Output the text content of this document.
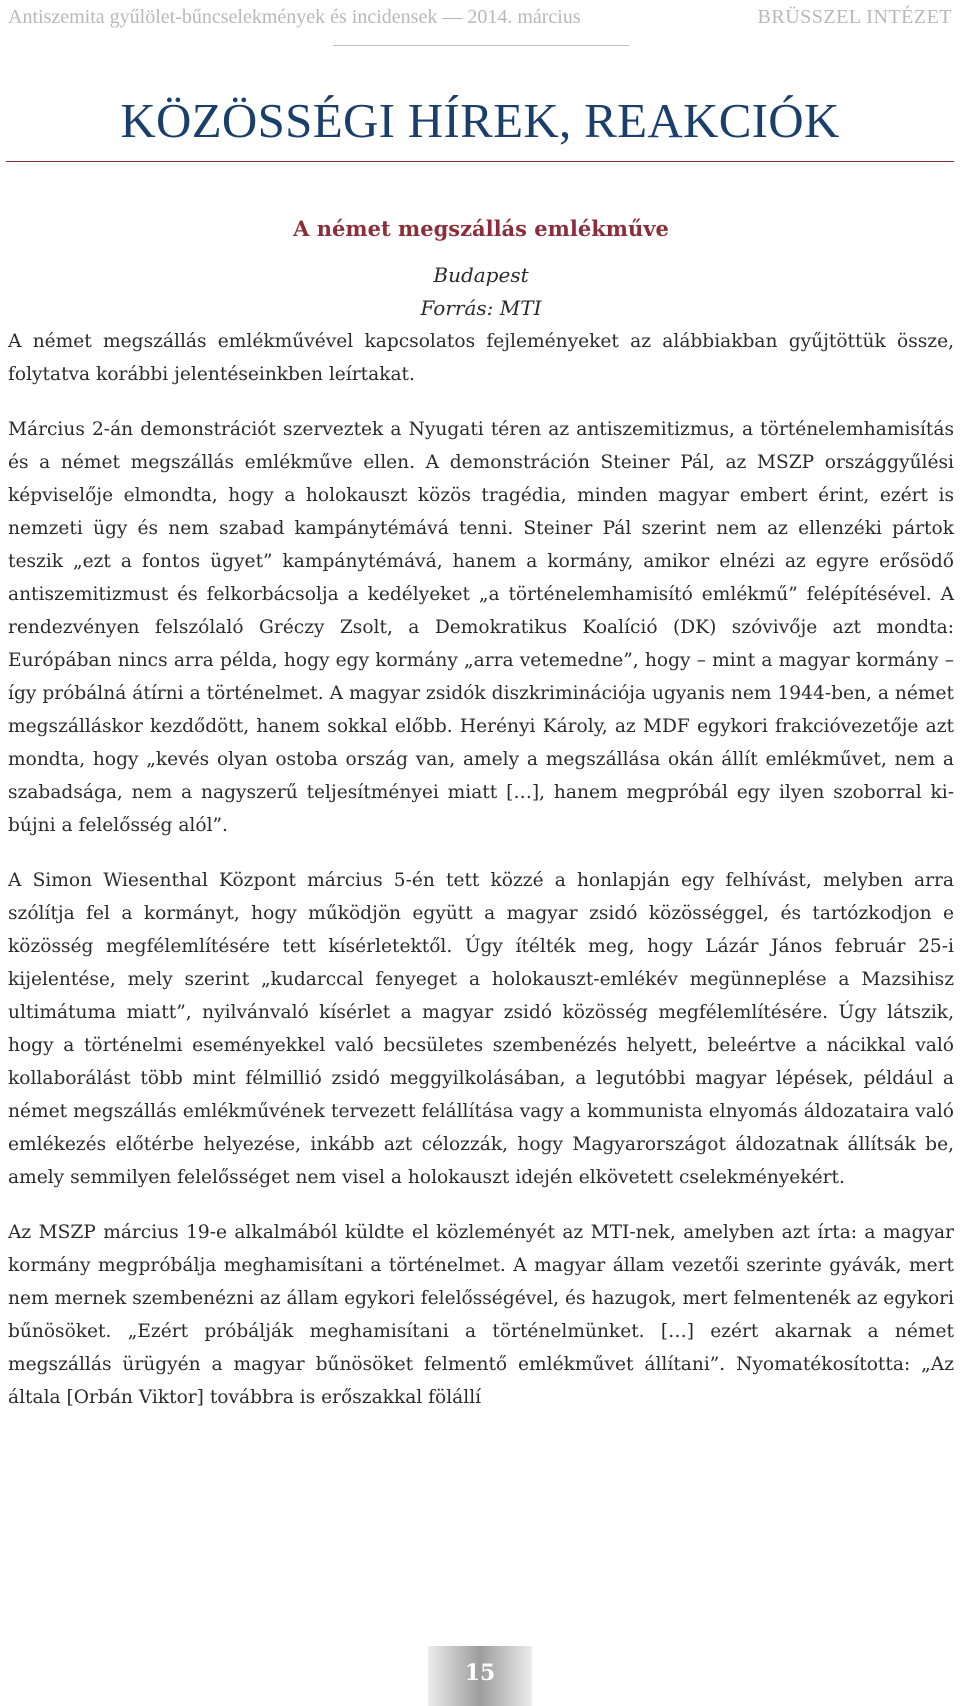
Antiszemita gyűlölet-bűncselekmények és incidensek — 2014. március	BRÜSSZEL INTÉZET
KÖZÖSSÉGI HÍREK, REAKCIÓK
A német megszállás emlékműve

Budapest

Forrás: MTI

A német megszállás emlékművével kapcsolatos fejleményeket az alábbiakban gyűjtöttük össze, folytatva korábbi jelentéseinkben leírtakat.

Március 2-án demonstrációt szerveztek a Nyugati téren az antiszemitizmus, a történelemhamisítás és a német megszállás emlékműve ellen. A demonstráción Steiner Pál, az MSZP országgyűlési képviselője elmondta, hogy a holokauszt közös tragédia, minden magyar embert érint, ezért is nemzeti ügy és nem szabad kampánytémává tenni. Steiner Pál szerint nem az ellenzéki pártok teszik „ezt a fontos ügyet” kampánytémává, hanem a kormány, amikor elnézi az egyre erősödő antiszemitizmust és felkorbácsolja a kedélyeket „a történelemhamisító emlékmű” felépítésével. A rendezvényen felszólaló Gréczy Zsolt, a Demokratikus Koalíció (DK) szóvivője azt mondta: Európában nincs arra példa, hogy egy kormány „arra vetemedne”, hogy – mint a magyar kormány – így próbálná átírni a történelmet. A magyar zsidók diszkriminációja ugyanis nem 1944-ben, a német megszálláskor kezdődött, hanem sokkal előbb. Herényi Károly, az MDF egykori frakcióvezetője azt mondta, hogy „kevés olyan ostoba ország van, amely a megszállása okán állít emlékművet, nem a szabadsága, nem a nagyszerű teljesítményei miatt […], hanem megpróbál egy ilyen szoborral kibújni a felelősség alól”.

A Simon Wiesenthal Központ március 5-én tett közzé a honlapján egy felhívást, melyben arra szólítja fel a kormányt, hogy működjön együtt a magyar zsidó közösséggel, és tartózkodjon e közösség megfélemlítésére tett kísérletektől. Úgy ítélték meg, hogy Lázár János február 25-i kijelentése, mely szerint „kudarccal fenyeget a holokauszt-emlékév megünneplése a Mazsihisz ultimátuma miatt”, nyilvánvaló kísérlet a magyar zsidó közösség megfélemlítésére. Úgy látszik, hogy a történelmi eseményekkel való becsületes szembenézés helyett, beleértve a nácikkal való kollaborálást több mint félmillió zsidó meggyilkolásában, a legutóbbi magyar lépések, például a német megszállás emlékművének tervezett felállítása vagy a kommunista elnyomás áldozataira való emlékezés előtérbe helyezése, inkább azt célozzák, hogy Magyarországot áldozatnak állítsák be, amely semmilyen felelősséget nem visel a holokauszt idején elkövetett cselekményekért.

Az MSZP március 19-e alkalmából küldte el közleményét az MTI-nek, amelyben azt írta: a magyar kormány megpróbálja meghamisítani a történelmet. A magyar állam vezetői szerinte gyávák, mert nem mernek szembenézni az állam egykori felelősségével, és hazugok, mert felmentenék az egykori bűnösöket. „Ezért próbálják meghamisítani a történelmünket. […] ezért akarnak a német megszállás ürügyén a magyar bűnösöket felmentő emlékművet állítani”. Nyomatékosította: „Az általa [Orbán Viktor] továbbra is erőszakkal fölállí

15
